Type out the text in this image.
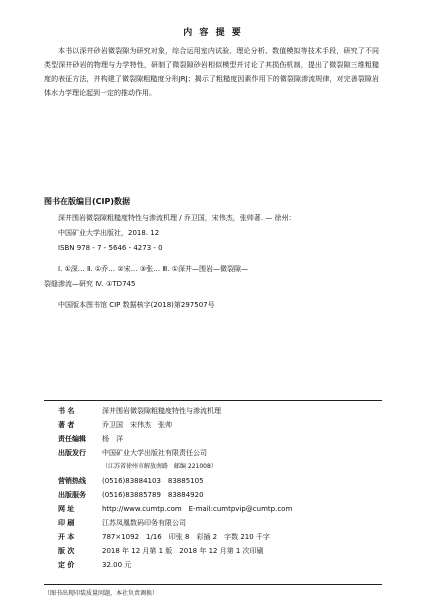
内 容 提 要

本书以深井砂岩微裂隙为研究对象，综合运用室内试验、理论分析、数值模拟等技术手段，研究了不同类型深井砂岩的物理与力学特性，研制了微裂隙砂岩相似模型并讨论了其损伤机制，提出了微裂隙三维粗糙度的表征方法，并构建了微裂隙粗糙度分形JRJ；揭示了粗糙度因素作用下的微裂隙渗流规律，对完善裂隙岩体水力学理论起到一定的推动作用。

图书在版编目(CIP)数据
深井围岩微裂隙粗糙度特性与渗流机理 / 乔卫国，宋伟杰，张帅著. — 徐州：
中国矿业大学出版社，2018. 12
ISBN 978 - 7 - 5646 - 4273 - 0
Ⅰ. ①深… Ⅱ. ①乔… ②宋… ③张… Ⅲ. ①深井—围岩—微裂隙—
裂缝渗流—研究 Ⅳ. ①TD745
中国版本图书馆 CIP 数据核字(2018)第297507号
书 名	深井围岩微裂隙粗糙度特性与渗流机理
著 者	乔卫国　宋伟杰　张帅
责任编辑	杨　洋
出版发行	中国矿业大学出版社有限责任公司
（江苏省徐州市解放南路　邮编 221008）
营销热线	(0516)83884103　83885105
出版服务	(0516)83885789　83884920
网 址	http://www.cumtp.com　E-mail:cumtpvip@cumtp.com
印 刷	江苏凤凰数码印务有限公司
开 本	787×1092　1/16　印张 8　彩插 2　字数 210 千字
版 次	2018 年 12 月第 1 版　2018 年 12 月第 1 次印刷
定 价	32.00 元
（图书出现印装质量问题，本社负责调换）
